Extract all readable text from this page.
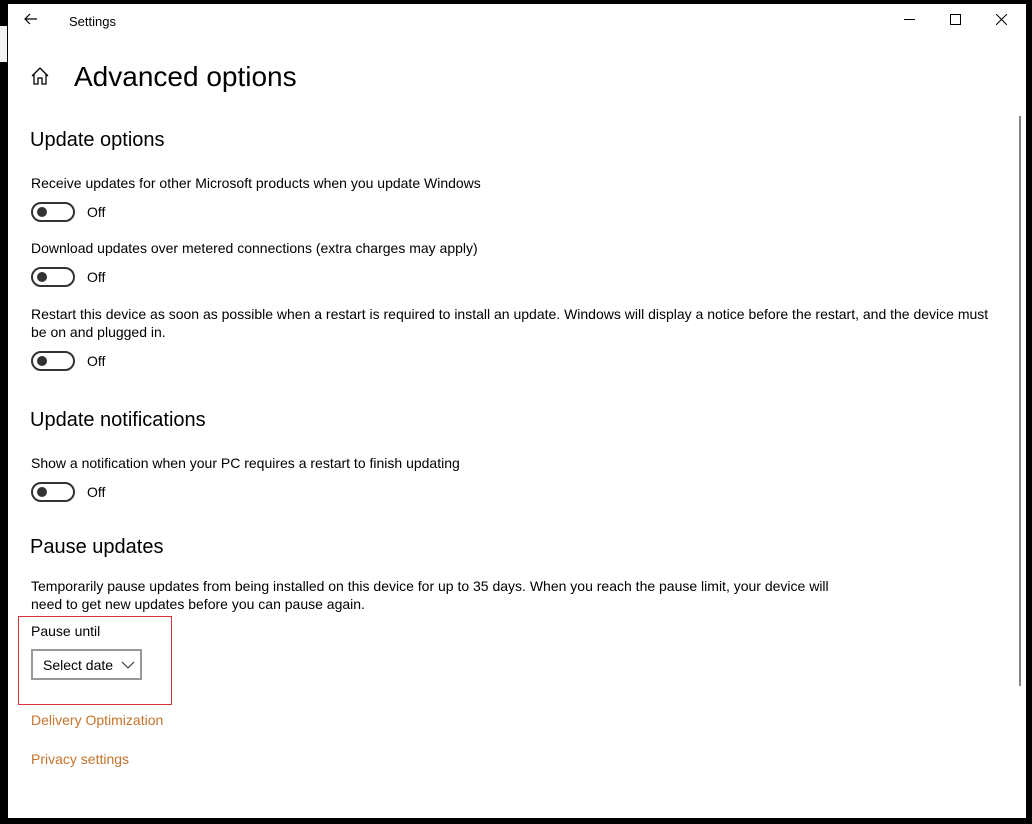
Settings
Advanced options
Update options
Receive updates for other Microsoft products when you update Windows
Off
Download updates over metered connections (extra charges may apply)
Off
Restart this device as soon as possible when a restart is required to install an update. Windows will display a notice before the restart, and the device must be on and plugged in.
Off
Update notifications
Show a notification when your PC requires a restart to finish updating
Off
Pause updates
Temporarily pause updates from being installed on this device for up to 35 days. When you reach the pause limit, your device will need to get new updates before you can pause again.
Pause until
Select date
Delivery Optimization
Privacy settings
